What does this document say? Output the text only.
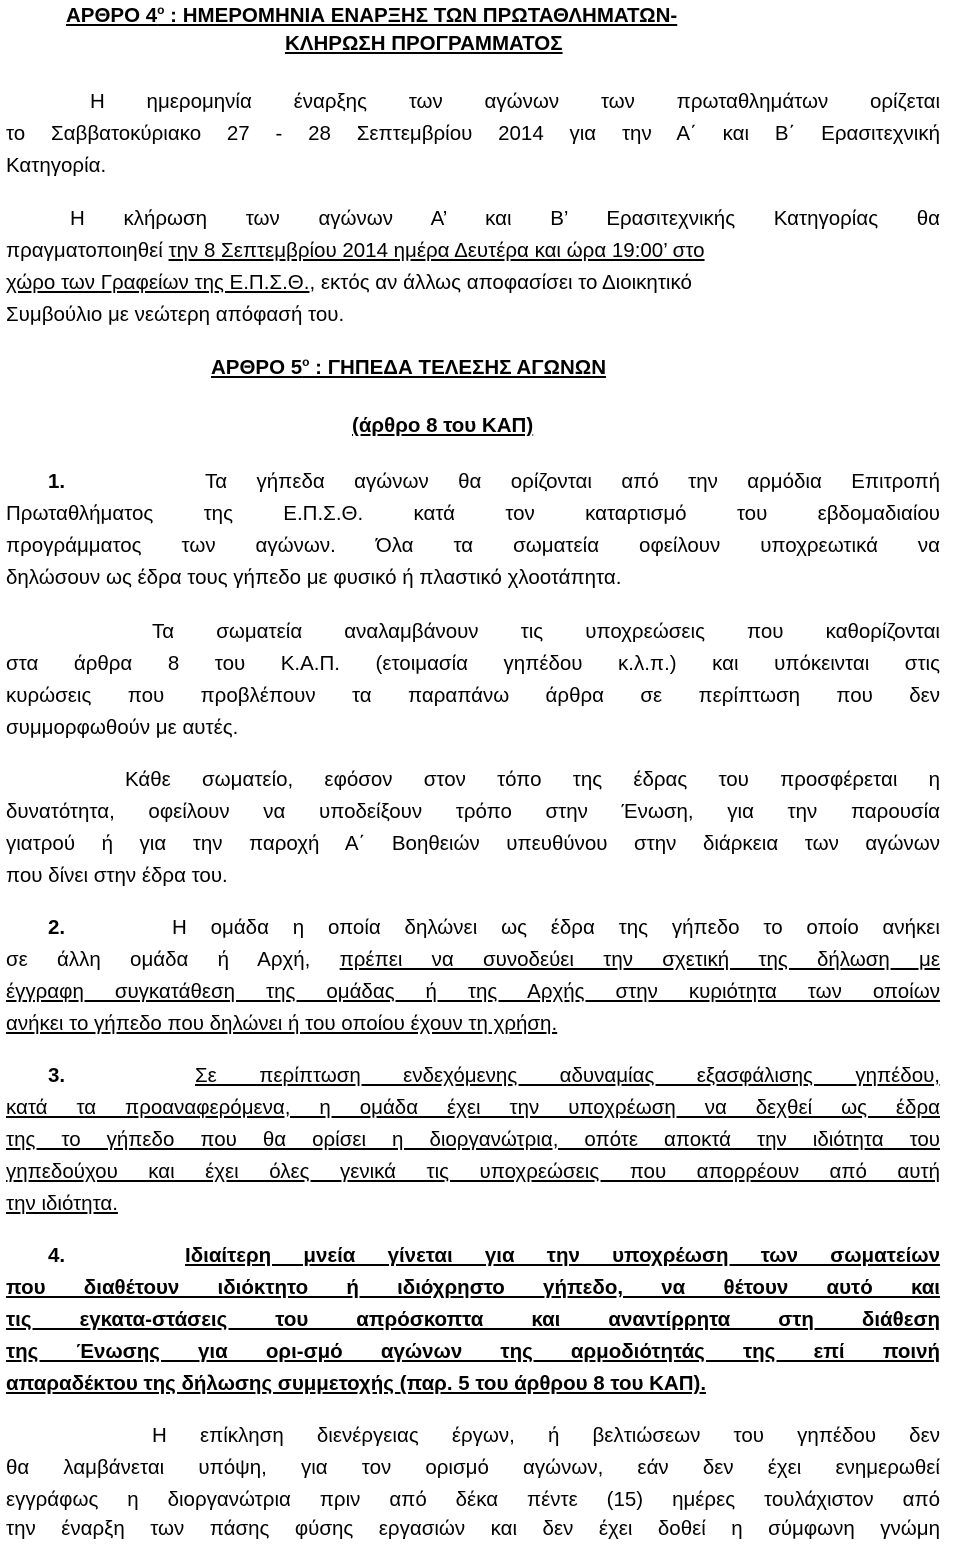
ΑΡΘΡΟ $4^o$ : ΗΜΕΡΟΜΗΝΙΑ ΕΝΑΡΞΗΣ ΤΩΝ ΠΡΩΤΑΘΛΗΜΑΤΩΝ-
ΚΛΗΡΩΣΗ ΠΡΟΓΡΑΜΜΑΤΟΣ
Η ημερομηνία έναρξης των αγώνων των πρωταθλημάτων ορίζεται
το Σαββατοκύριακο 27 - 28 Σεπτεμβρίου 2014 για την Α΄ και Β΄ Ερασιτεχνική
Κατηγορία.
Η κλήρωση των αγώνων Α’ και Β’ Ερασιτεχνικής Κατηγορίας θα
πραγματοποιηθεί την 8 Σεπτεμβρίου 2014 ημέρα Δευτέρα και ώρα 19:00’ στο
χώρο των Γραφείων της Ε.Π.Σ.Θ., εκτός αν άλλως αποφασίσει το Διοικητικό
Συμβούλιο με νεώτερη απόφασή του.
ΑΡΘΡΟ $5^o$ : ΓΗΠΕΔΑ ΤΕΛΕΣΗΣ ΑΓΩΝΩΝ
(άρθρο 8 του ΚΑΠ)
1.	Τα γήπεδα αγώνων θα ορίζονται από την αρμόδια Επιτροπή
Πρωταθλήματος της Ε.Π.Σ.Θ. κατά τον καταρτισμό του εβδομαδιαίου
προγράμματος των αγώνων. Όλα τα σωματεία οφείλουν υποχρεωτικά να
δηλώσουν ως έδρα τους γήπεδο με φυσικό ή πλαστικό χλοοτάπητα.
Τα σωματεία αναλαμβάνουν τις υποχρεώσεις που καθορίζονται
στα άρθρα 8 του Κ.Α.Π. (ετοιμασία γηπέδου κ.λ.π.) και υπόκεινται στις
κυρώσεις που προβλέπουν τα παραπάνω άρθρα σε περίπτωση που δεν
συμμορφωθούν με αυτές.
Κάθε σωματείο, εφόσον στον τόπο της έδρας του προσφέρεται η
δυνατότητα, οφείλουν να υποδείξουν τρόπο στην Ένωση, για την παρουσία
γιατρού ή για την παροχή Α΄ Βοηθειών υπευθύνου στην διάρκεια των αγώνων
που δίνει στην έδρα του.
2.	Η ομάδα η οποία δηλώνει ως έδρα της γήπεδο το οποίο ανήκει
σε άλλη ομάδα ή Αρχή, πρέπει να συνοδεύει την σχετική της δήλωση με
έγγραφη συγκατάθεση της ομάδας ή της Αρχής στην κυριότητα των οποίων
ανήκει το γήπεδο που δηλώνει ή του οποίου έχουν τη χρήση.
3.	Σε περίπτωση ενδεχόμενης αδυναμίας εξασφάλισης γηπέδου,
κατά τα προαναφερόμενα, η ομάδα έχει την υποχρέωση να δεχθεί ως έδρα
της το γήπεδο που θα ορίσει η διοργανώτρια, οπότε αποκτά την ιδιότητα του
γηπεδούχου και έχει όλες γενικά τις υποχρεώσεις που απορρέουν από αυτή
την ιδιότητα.
4.	Ιδιαίτερη μνεία γίνεται για την υποχρέωση των σωματείων
που διαθέτουν ιδιόκτητο ή ιδιόχρηστο γήπεδο, να θέτουν αυτό και
τις εγκατα-στάσεις του απρόσκοπτα και αναντίρρητα στη διάθεση
της Ένωσης για ορι-σμό αγώνων της αρμοδιότητάς της επί ποινή
απαραδέκτου της δήλωσης συμμετοχής (παρ. 5 του άρθρου 8 του ΚΑΠ).
Η επίκληση διενέργειας έργων, ή βελτιώσεων του γηπέδου δεν
θα λαμβάνεται υπόψη, για τον ορισμό αγώνων, εάν δεν έχει ενημερωθεί
εγγράφως η διοργανώτρια πριν από δέκα πέντε (15) ημέρες τουλάχιστον από
την έναρξη των πάσης φύσης εργασιών και δεν έχει δοθεί η σύμφωνη γνώμη
